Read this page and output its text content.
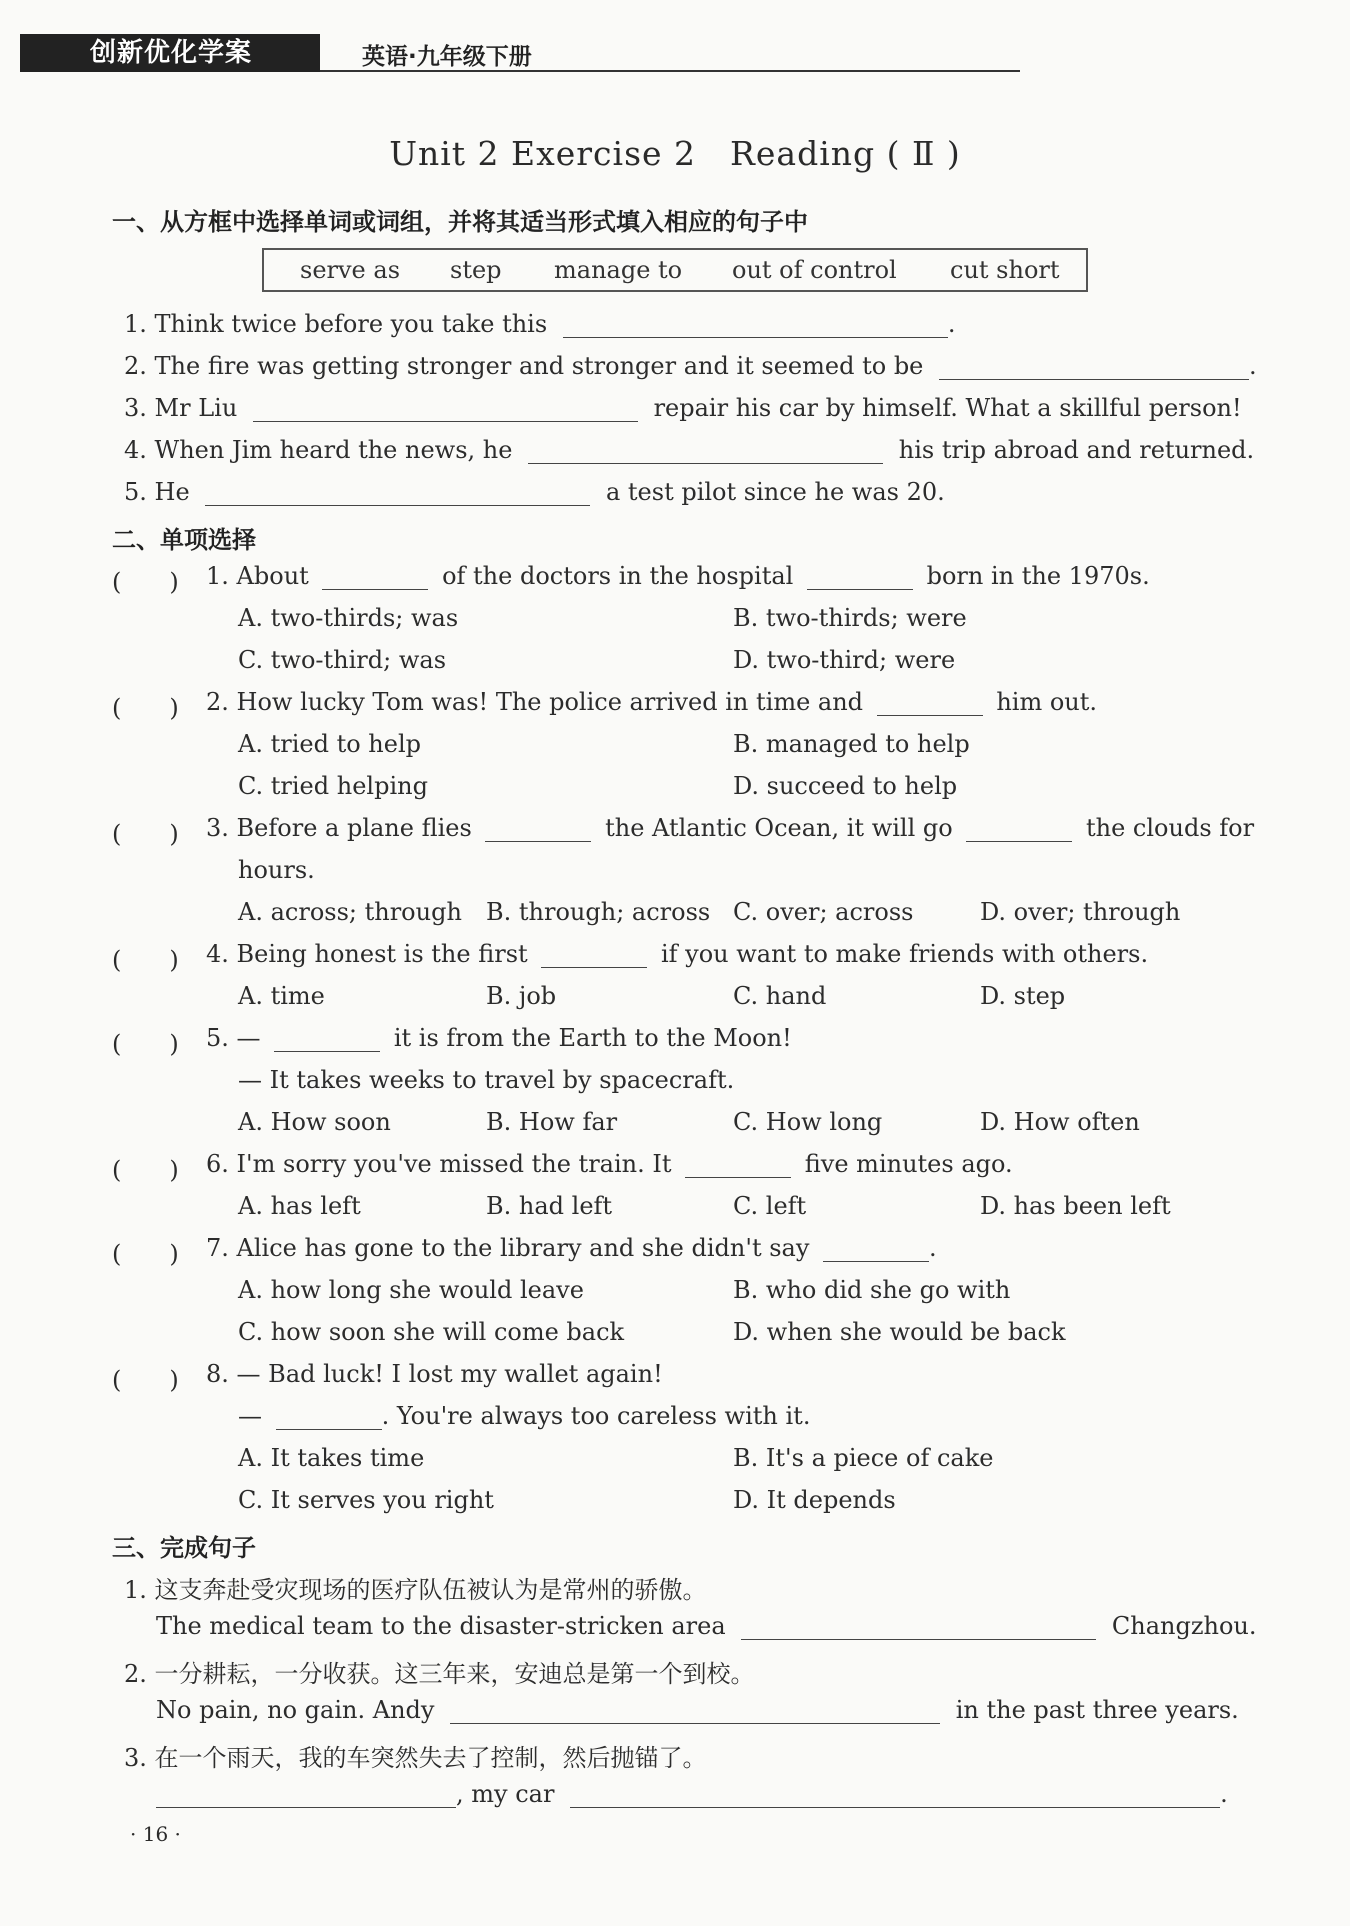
创新优化学案	英语·九年级下册
Unit 2 Exercise 2　Reading ( Ⅱ )
一、从方框中选择单词或词组，并将其适当形式填入相应的句子中
serve as step manage to out of control cut short
1. Think twice before you take this	.
2. The fire was getting stronger and stronger and it seemed to be	.
3. Mr Liu	repair his car by himself. What a skillful person!
4. When Jim heard the news, he	his trip abroad and returned.
5. He	a test pilot since he was 20.
二、单项选择
(　　) 1. About	of the doctors in the hospital	born in the 1970s.
A. two-thirds; was	B. two-thirds; were
C. two-third; was	D. two-third; were
(　　) 2. How lucky Tom was! The police arrived in time and	him out.
A. tried to help	B. managed to help
C. tried helping	D. succeed to help
(　　) 3. Before a plane flies	the Atlantic Ocean, it will go	the clouds for
hours.
A. across; through B. through; across C. over; across	D. over; through
(　　) 4. Being honest is the first	if you want to make friends with others.
A. time	B. job	C. hand	D. step
(　　) 5. —	it is from the Earth to the Moon!
— It takes weeks to travel by spacecraft.
A. How soon	B. How far	C. How long	D. How often
(　　) 6. I'm sorry you've missed the train. It	five minutes ago.
A. has left	B. had left	C. left	D. has been left
(　　) 7. Alice has gone to the library and she didn't say	.
A. how long she would leave	B. who did she go with
C. how soon she will come back	D. when she would be back
(　　) 8. — Bad luck! I lost my wallet again!
—	. You're always too careless with it.
A. It takes time	B. It's a piece of cake
C. It serves you right	D. It depends
三、完成句子
1. 这支奔赴受灾现场的医疗队伍被认为是常州的骄傲。
The medical team to the disaster-stricken area	Changzhou.
2. 一分耕耘，一分收获。这三年来，安迪总是第一个到校。
No pain, no gain. Andy	in the past three years.
3. 在一个雨天，我的车突然失去了控制，然后抛锚了。
, my car	.
· 16 ·
